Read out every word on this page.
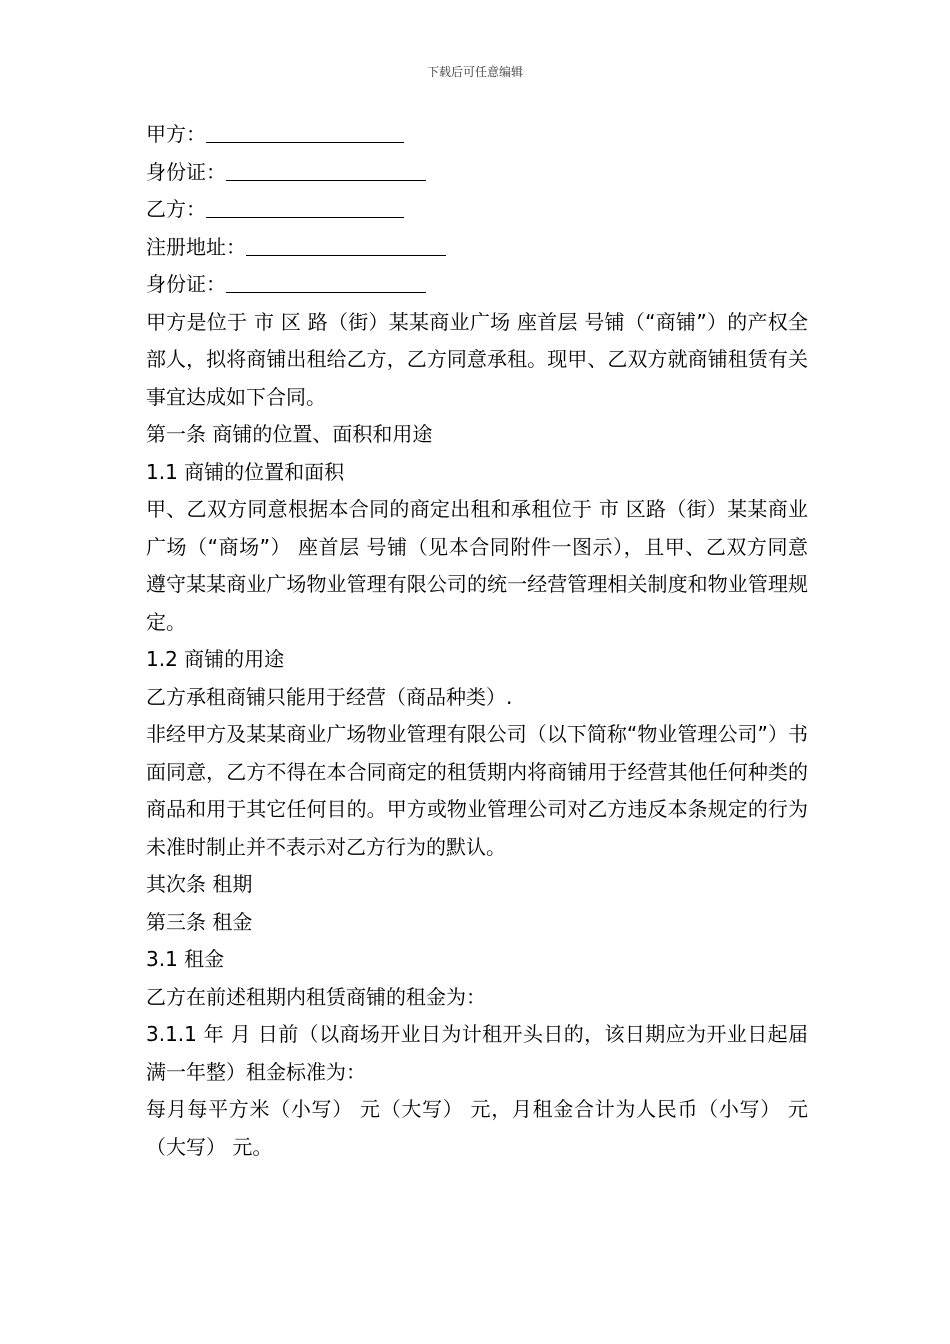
下载后可任意编辑
甲方：
身份证：
乙方：
注册地址：
身份证：

甲方是位于 市 区 路（街）某某商业广场 座首层 号铺（“商铺”）的产权全部人，拟将商铺出租给乙方，乙方同意承租。现甲、乙双方就商铺租赁有关事宜达成如下合同。

第一条 商铺的位置、面积和用途

1.1 商铺的位置和面积

甲、乙双方同意根据本合同的商定出租和承租位于 市 区路（街）某某商业广场（“商场”） 座首层 号铺（见本合同附件一图示），且甲、乙双方同意遵守某某商业广场物业管理有限公司的统一经营管理相关制度和物业管理规定。

1.2 商铺的用途

乙方承租商铺只能用于经营（商品种类）.

非经甲方及某某商业广场物业管理有限公司（以下简称“物业管理公司”）书面同意，乙方不得在本合同商定的租赁期内将商铺用于经营其他任何种类的商品和用于其它任何目的。甲方或物业管理公司对乙方违反本条规定的行为未准时制止并不表示对乙方行为的默认。

其次条 租期

第三条 租金

3.1 租金

乙方在前述租期内租赁商铺的租金为：

3.1.1 年 月 日前（以商场开业日为计租开头日的，该日期应为开业日起届满一年整）租金标准为：

每月每平方米（小写） 元（大写） 元，月租金合计为人民币（小写） 元（大写） 元。
